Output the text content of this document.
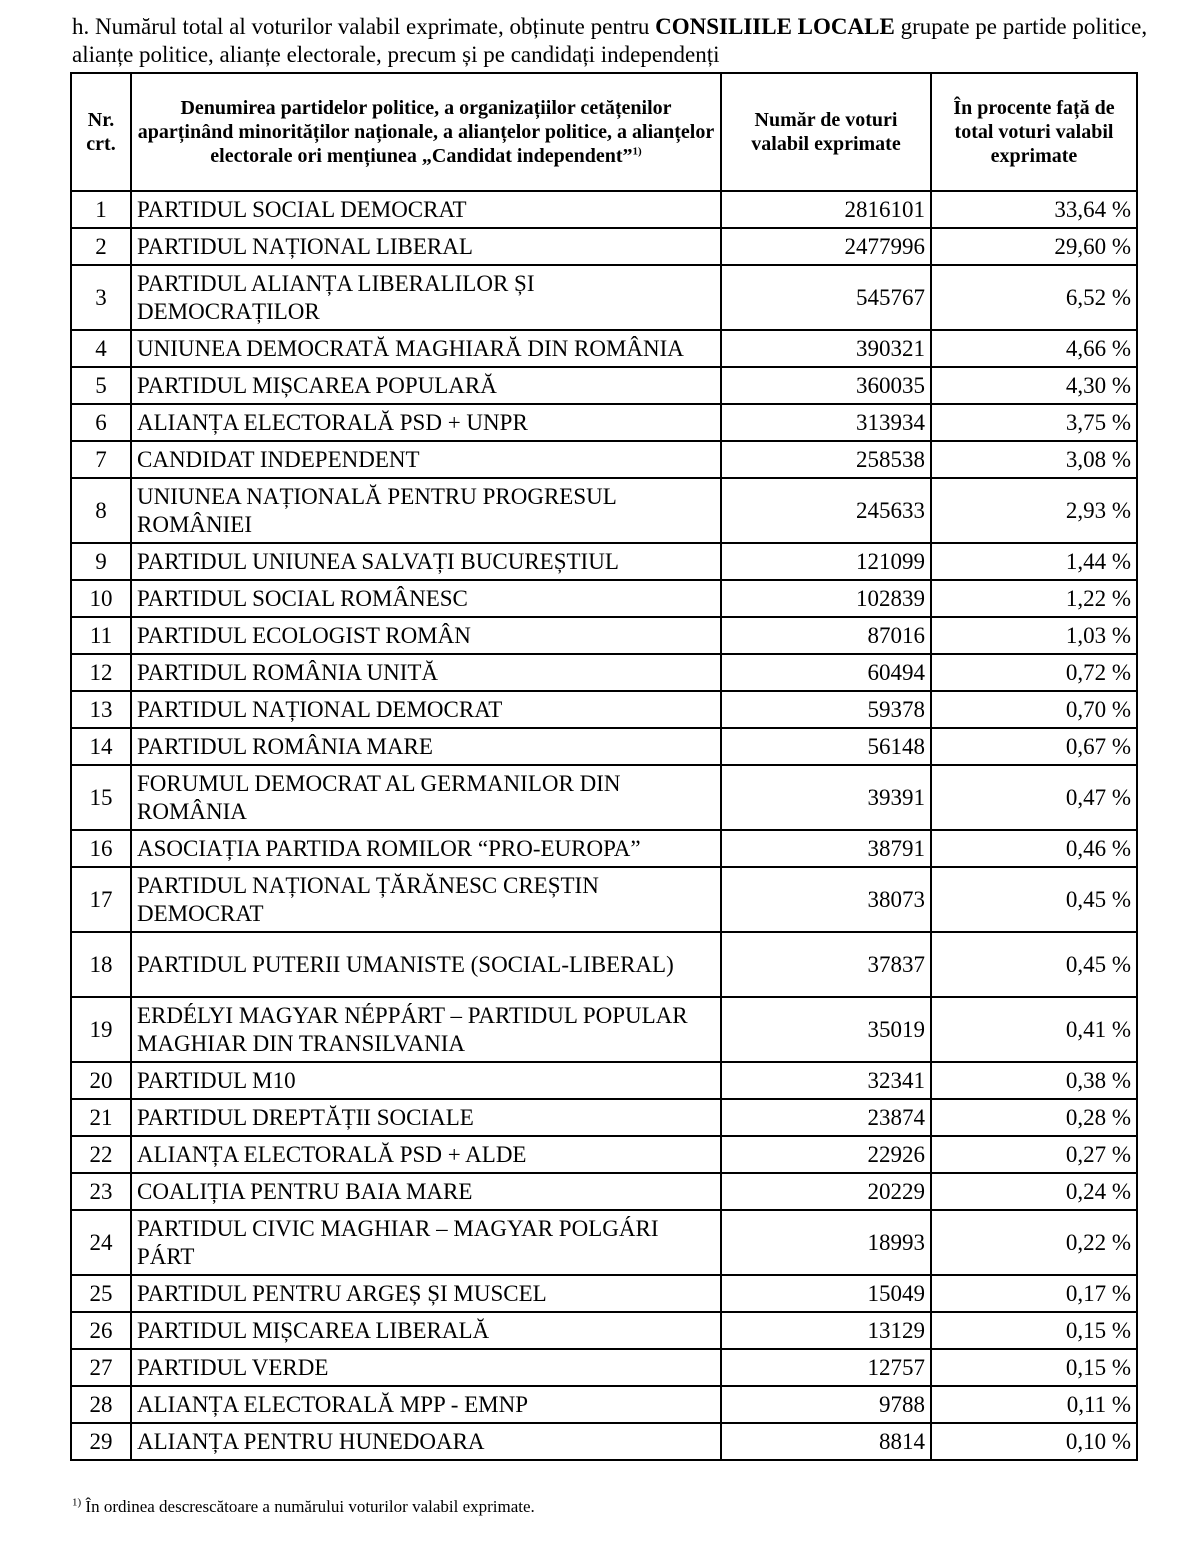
h. Numărul total al voturilor valabil exprimate, obținute pentru CONSILIILE LOCALE grupate pe partide politice, alianțe politice, alianțe electorale, precum și pe candidați independenți
Nr. crt.	Denumirea partidelor politice, a organizațiilor cetățenilor aparținând minorităților naționale, a alianțelor politice, a alianțelor electorale ori mențiunea „Candidat independent”$^{1)}$	Număr de voturi valabil exprimate	În procente față de total voturi valabil exprimate
1	PARTIDUL SOCIAL DEMOCRAT	2816101	33,64 %
2	PARTIDUL NAȚIONAL LIBERAL	2477996	29,60 %
3	PARTIDUL ALIANȚA LIBERALILOR ȘI DEMOCRAȚILOR	545767	6,52 %
4	UNIUNEA DEMOCRATĂ MAGHIARĂ DIN ROMÂNIA	390321	4,66 %
5	PARTIDUL MIȘCAREA POPULARĂ	360035	4,30 %
6	ALIANȚA ELECTORALĂ PSD + UNPR	313934	3,75 %
7	CANDIDAT INDEPENDENT	258538	3,08 %
8	UNIUNEA NAȚIONALĂ PENTRU PROGRESUL ROMÂNIEI	245633	2,93 %
9	PARTIDUL UNIUNEA SALVAȚI BUCUREȘTIUL	121099	1,44 %
10	PARTIDUL SOCIAL ROMÂNESC	102839	1,22 %
11	PARTIDUL ECOLOGIST ROMÂN	87016	1,03 %
12	PARTIDUL ROMÂNIA UNITĂ	60494	0,72 %
13	PARTIDUL NAȚIONAL DEMOCRAT	59378	0,70 %
14	PARTIDUL ROMÂNIA MARE	56148	0,67 %
15	FORUMUL DEMOCRAT AL GERMANILOR DIN ROMÂNIA	39391	0,47 %
16	ASOCIAȚIA PARTIDA ROMILOR “PRO-EUROPA”	38791	0,46 %
17	PARTIDUL NAȚIONAL ȚĂRĂNESC CREȘTIN DEMOCRAT	38073	0,45 %
18	PARTIDUL PUTERII UMANISTE (SOCIAL-LIBERAL)	37837	0,45 %
19	ERDÉLYI MAGYAR NÉPPÁRT – PARTIDUL POPULAR MAGHIAR DIN TRANSILVANIA	35019	0,41 %
20	PARTIDUL M10	32341	0,38 %
21	PARTIDUL DREPTĂȚII SOCIALE	23874	0,28 %
22	ALIANȚA ELECTORALĂ PSD + ALDE	22926	0,27 %
23	COALIȚIA PENTRU BAIA MARE	20229	0,24 %
24	PARTIDUL CIVIC MAGHIAR – MAGYAR POLGÁRI PÁRT	18993	0,22 %
25	PARTIDUL PENTRU ARGEȘ ȘI MUSCEL	15049	0,17 %
26	PARTIDUL MIȘCAREA LIBERALĂ	13129	0,15 %
27	PARTIDUL VERDE	12757	0,15 %
28	ALIANȚA ELECTORALĂ MPP - EMNP	9788	0,11 %
29	ALIANȚA PENTRU HUNEDOARA	8814	0,10 %
$^{1)}$ În ordinea descrescătoare a numărului voturilor valabil exprimate.
